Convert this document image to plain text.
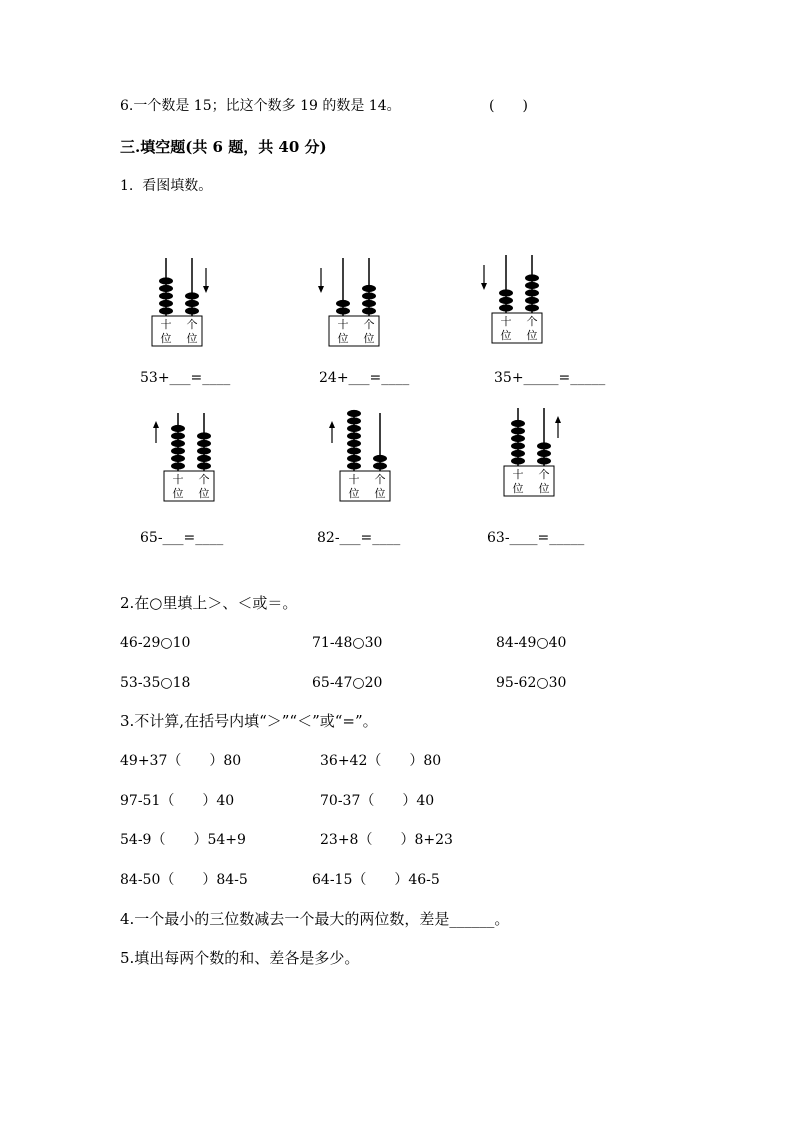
6.一个数是 15；比这个数多 19 的数是 14。	(　　)
三.填空题(共 6 题，共 40 分)
1.  看图填数。
十
位
个
位
十
位
个
位
十
位
个
位
十
位
个
位
十
位
个
位
十
位
个
位
53+___=____	24+___=____	35+_____=_____
65-___=____	82-___=____	63-____=_____
2.在○里填上＞、＜或＝。
46-29○10	71-48○30	84-49○40
53-35○18	65-47○20	95-62○30
3.不计算,在括号内填“＞”“＜”或“=”。
49+37（　　）80	36+42（　　）80
97-51（　　）40	70-37（　　）40
54-9（　　）54+9	23+8（　　）8+23
84-50（　　）84-5	64-15（　　）46-5
4.一个最小的三位数减去一个最大的两位数，差是______。
5.填出每两个数的和、差各是多少。
